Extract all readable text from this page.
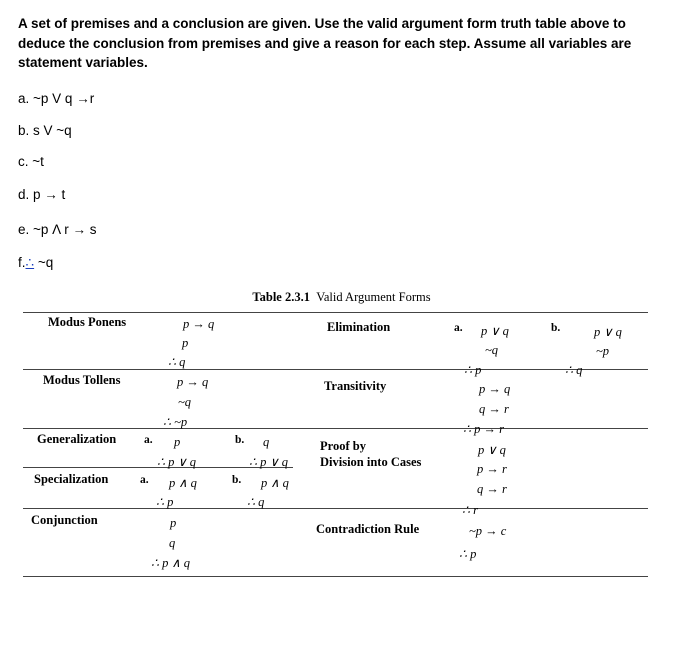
A set of premises and a conclusion are given. Use the valid argument form truth table above to deduce the conclusion from premises and give a reason for each step. Assume all variables are statement variables.
a. ~p V q →r
b. s V ~q
c. ~t
d. p → t
e. ~p Λ r → s
f.∴ ~q
Table 2.3.1 Valid Argument Forms
Modus Ponens	p → q
p
∴ q
Modus Tollens	p → q
~q
∴ ~p
Generalization a. p
∴ p ∨ q
b. q
∴ p ∨ q
Specialization	a. p ∧ q
∴ p
b. p ∧ q
∴ q
Conjunction	p
q
∴ p ∧ q
Elimination	a. p ∨ q
~q
∴ p
b.	p ∨ q
~p
∴ q
Transitivity	p → q
q → r
∴ p → r
Proof by
Division into Cases
p ∨ q
p → r
q → r
∴ r
Contradiction Rule	~p → c
∴ p
